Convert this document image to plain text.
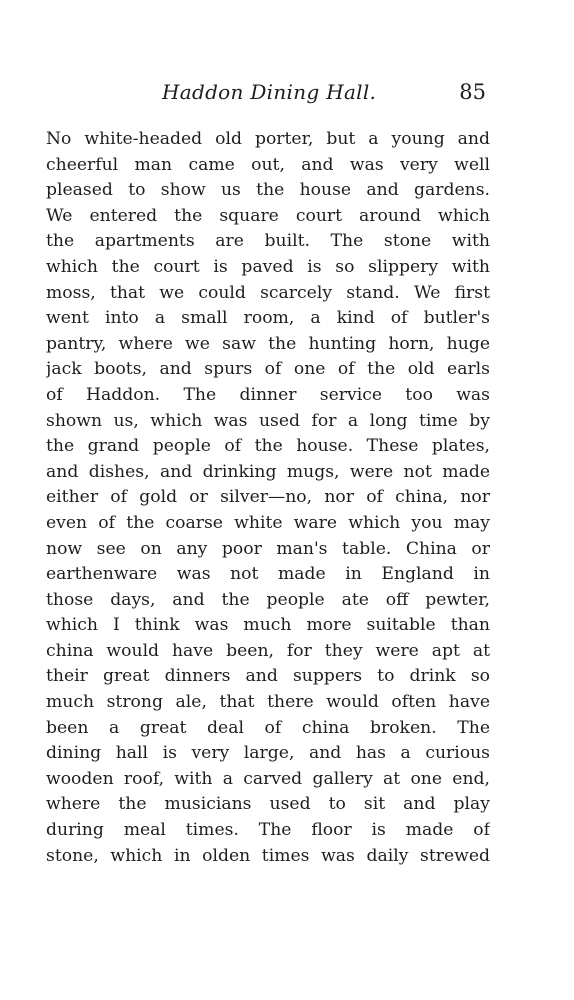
Haddon Dining Hall.	85
No white-headed old porter, but a young and
cheerful man came out, and was very well
pleased to show us the house and gardens.
We entered the square court around which
the apartments are built. The stone with
which the court is paved is so slippery with
moss, that we could scarcely stand. We first
went into a small room, a kind of butler's
pantry, where we saw the hunting horn, huge
jack boots, and spurs of one of the old earls
of Haddon. The dinner service too was
shown us, which was used for a long time by
the grand people of the house. These plates,
and dishes, and drinking mugs, were not made
either of gold or silver—no, nor of china, nor
even of the coarse white ware which you may
now see on any poor man's table. China or
earthenware was not made in England in
those days, and the people ate off pewter,
which I think was much more suitable than
china would have been, for they were apt at
their great dinners and suppers to drink so
much strong ale, that there would often have
been a great deal of china broken. The
dining hall is very large, and has a curious
wooden roof, with a carved gallery at one end,
where the musicians used to sit and play
during meal times. The floor is made of
stone, which in olden times was daily strewed
